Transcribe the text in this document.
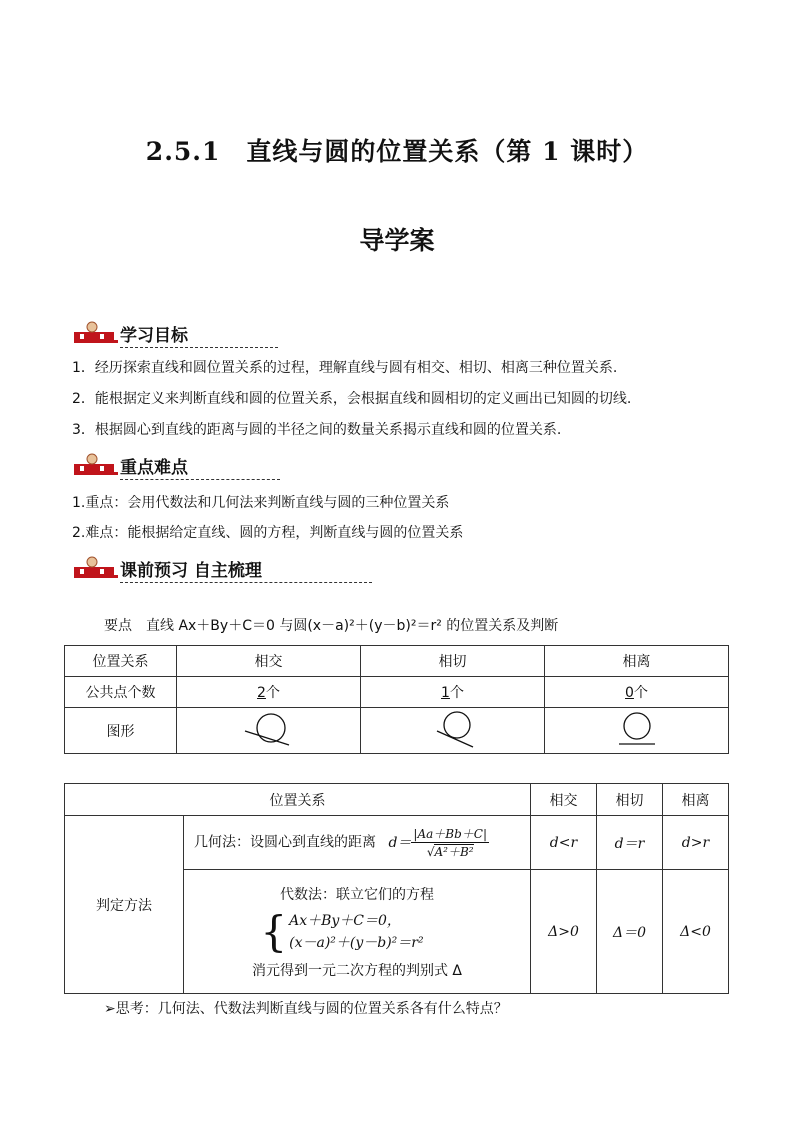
2.5.1　直线与圆的位置关系（第 1 课时）
导学案
学习目标
1．经历探索直线和圆位置关系的过程，理解直线与圆有相交、相切、相离三种位置关系.
2．能根据定义来判断直线和圆的位置关系，会根据直线和圆相切的定义画出已知圆的切线.
3．根据圆心到直线的距离与圆的半径之间的数量关系揭示直线和圆的位置关系.
重点难点
1.重点：会用代数法和几何法来判断直线与圆的三种位置关系
2.难点：能根据给定直线、圆的方程，判断直线与圆的位置关系
课前预习 自主梳理
要点　直线 Ax＋By＋C＝0 与圆(x－a)²＋(y－b)²＝r² 的位置关系及判断
位置关系	相交	相切	相离
公共点个数	2个	1个	0个
图形			
位置关系		相交	相切	相离
判定方法	几何法：设圆心到直线的距离 $d= \frac{|Aa+Bb+C|}{\text{√A²＋B²}}$	d<r	d＝r	d>r

	代数法：联立它们的方程
{ Ax＋By＋C＝0，
(x－a)²＋(y－b)²＝r²
消元得到一元二次方程的判别式 Δ	Δ>0	Δ＝0	Δ<0
➢思考：几何法、代数法判断直线与圆的位置关系各有什么特点？
